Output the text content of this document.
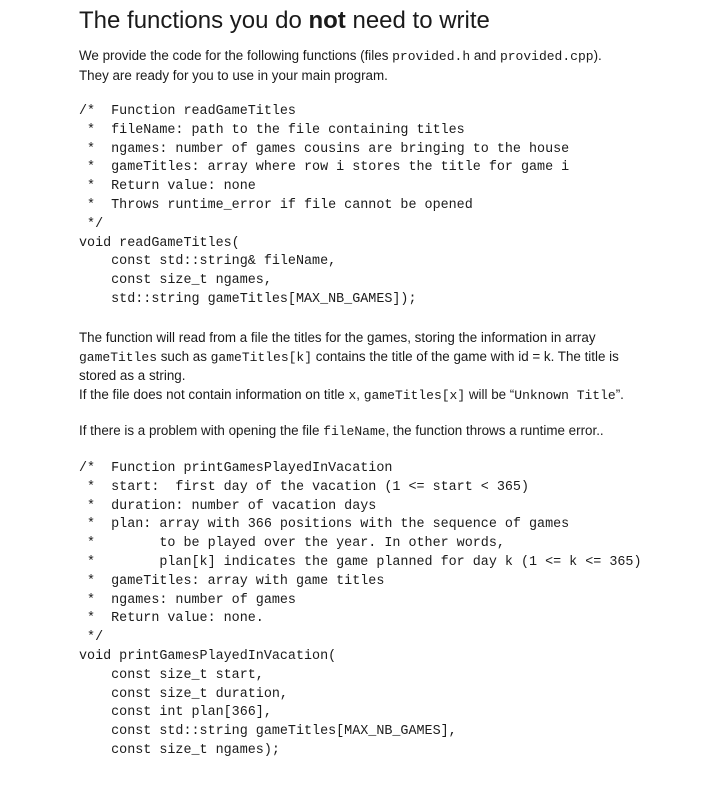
The functions you do not need to write

We provide the code for the following functions (files provided.h and provided.cpp).

They are ready for you to use in your main program.

/*  Function readGameTitles
*  fileName: path to the file containing titles
*  ngames: number of games cousins are bringing to the house
*  gameTitles: array where row i stores the title for game i
*  Return value: none
*  Throws runtime_error if file cannot be opened
*/
void readGameTitles(
const std::string& fileName,
const size_t ngames,
std::string gameTitles[MAX_NB_GAMES]);

The function will read from a file the titles for the games, storing the information in array

gameTitles such as gameTitles[k] contains the title of the game with id = k. The title is

stored as a string.

If the file does not contain information on title x, gameTitles[x] will be “Unknown Title”.

If there is a problem with opening the file fileName, the function throws a runtime error..

/*  Function printGamesPlayedInVacation
*  start:  first day of the vacation (1 <= start < 365)
*  duration: number of vacation days
*  plan: array with 366 positions with the sequence of games
*        to be played over the year. In other words,
*        plan[k] indicates the game planned for day k (1 <= k <= 365)
*  gameTitles: array with game titles
*  ngames: number of games
*  Return value: none.
*/
void printGamesPlayedInVacation(
const size_t start,
const size_t duration,
const int plan[366],
const std::string gameTitles[MAX_NB_GAMES],
const size_t ngames);
